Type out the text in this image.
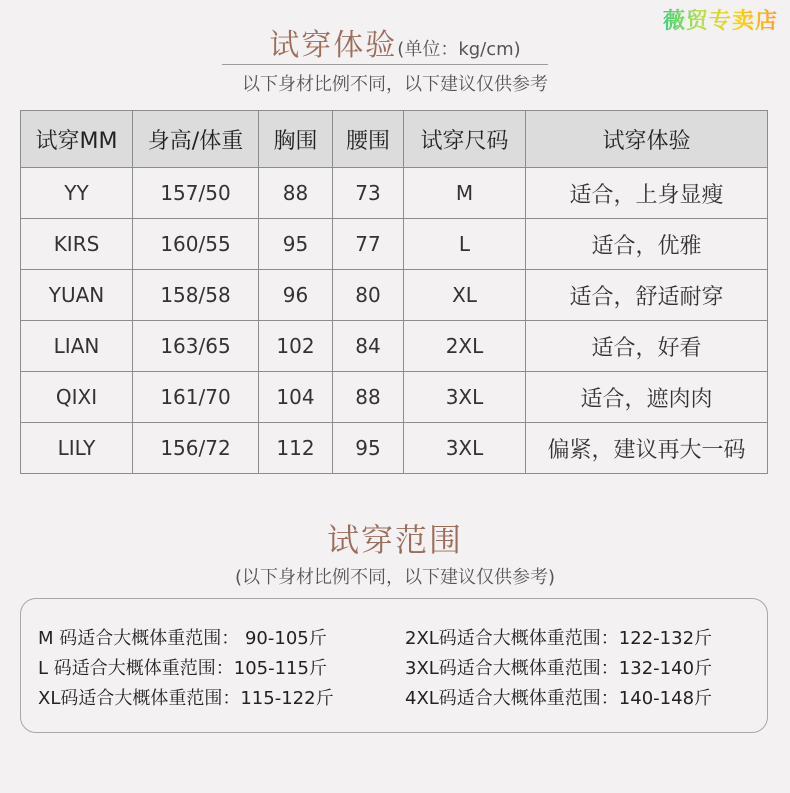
薇贸专卖店
试穿体验(单位：kg/cm)
以下身材比例不同，以下建议仅供参考
试穿MM	身高/体重	胸围	腰围	试穿尺码	试穿体验
YY	157/50	88	73	M	适合，上身显瘦
KIRS	160/55	95	77	L	适合，优雅
YUAN	158/58	96	80	XL	适合，舒适耐穿
LIAN	163/65	102	84	2XL	适合，好看
QIXI	161/70	104	88	3XL	适合，遮肉肉
LILY	156/72	112	95	3XL	偏紧，建议再大一码
试穿范围
(以下身材比例不同，以下建议仅供参考)
M 码适合大概体重范围： 90-105斤
L 码适合大概体重范围：105-115斤
XL码适合大概体重范围：115-122斤
2XL码适合大概体重范围：122-132斤
3XL码适合大概体重范围：132-140斤
4XL码适合大概体重范围：140-148斤
